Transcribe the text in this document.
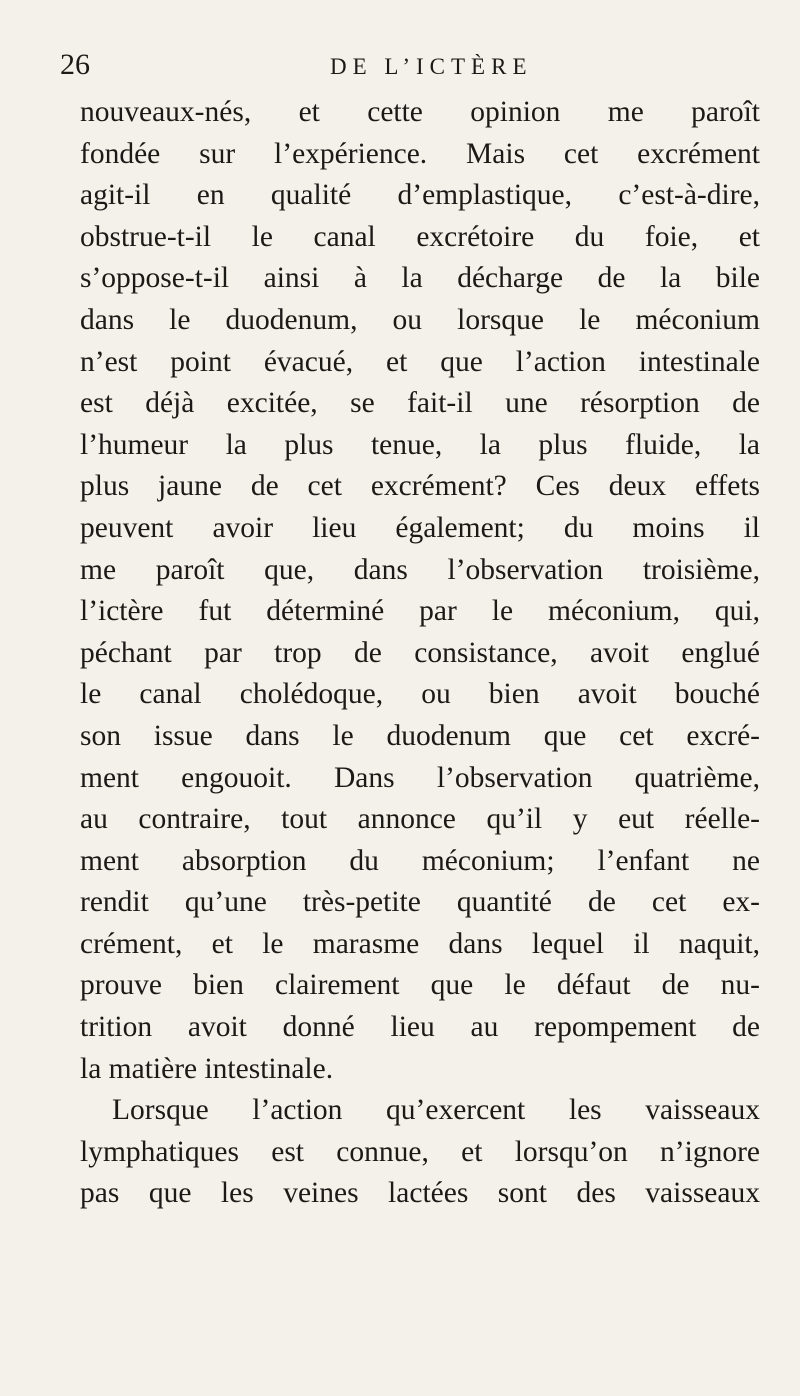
26	DE L’ICTÈRE
nouveaux-nés, et cette opinion me paroît
fondée sur l’expérience. Mais cet excrément
agit-il en qualité d’emplastique, c’est-à-dire,
obstrue-t-il le canal excrétoire du foie, et
s’oppose-t-il ainsi à la décharge de la bile
dans le duodenum, ou lorsque le méconium
n’est point évacué, et que l’action intestinale
est déjà excitée, se fait-il une résorption de
l’humeur la plus tenue, la plus fluide, la
plus jaune de cet excrément? Ces deux effets
peuvent avoir lieu également; du moins il
me paroît que, dans l’observation troisième,
l’ictère fut déterminé par le méconium, qui,
péchant par trop de consistance, avoit englué
le canal cholédoque, ou bien avoit bouché
son issue dans le duodenum que cet excré-
ment engouoit. Dans l’observation quatrième,
au contraire, tout annonce qu’il y eut réelle-
ment absorption du méconium; l’enfant ne
rendit qu’une très-petite quantité de cet ex-
crément, et le marasme dans lequel il naquit,
prouve bien clairement que le défaut de nu-
trition avoit donné lieu au repompement de
la matière intestinale.
Lorsque l’action qu’exercent les vaisseaux
lymphatiques est connue, et lorsqu’on n’ignore
pas que les veines lactées sont des vaisseaux
